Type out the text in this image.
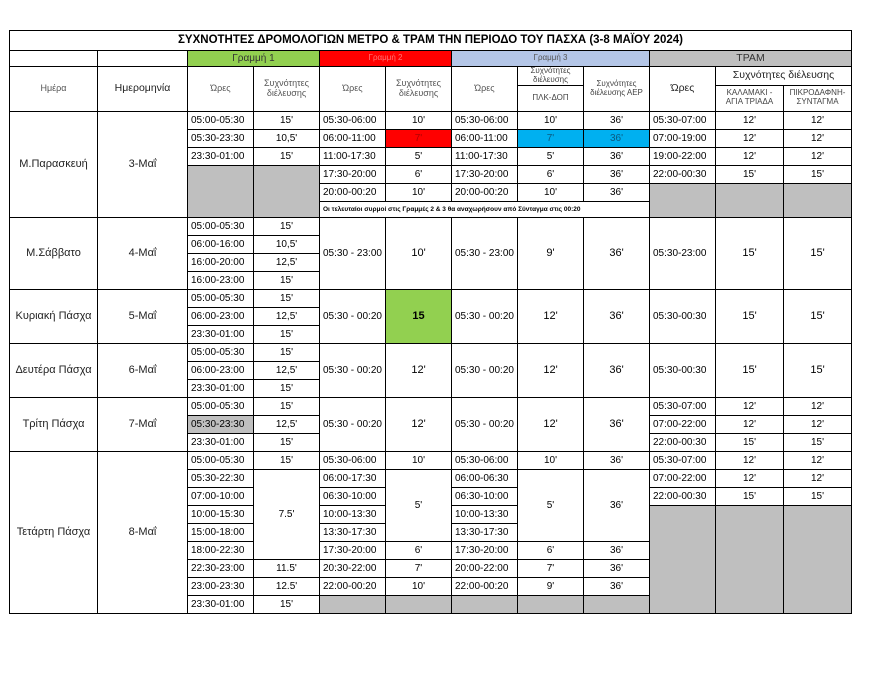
ΣΥΧΝΟΤΗΤΕΣ ΔΡΟΜΟΛΟΓΙΩΝ ΜΕΤΡΟ & ΤΡΑΜ ΤΗΝ ΠΕΡΙΟΔΟ ΤΟΥ ΠΑΣΧΑ (3-8 ΜΑΪΟΥ 2024)											
		Γραμμή 1		Γραμμή 2		Γραμμή 3			ΤΡΑΜ		
Ημέρα	Ημερομηνία	Ώρες	Συχνότητες διέλευσης	Ώρες	Συχνότητες διέλευσης	Ώρες	Συχνότητες διέλευσης	Συχνότητες διέλευσης ΑΕΡ	Ώρες	Συχνότητες διέλευσης	
							ΠΛΚ-ΔΟΠ			ΚΑΛΑΜΑΚΙ - ΑΓΙΑ ΤΡΙΑΔΑ	ΠΙΚΡΟΔΑΦΝΗ-ΣΥΝΤΑΓΜΑ
Μ.Παρασκευή	3-Μαΐ	05:00-05:30	15'	05:30-06:00	10'	05:30-06:00	10'	36'	05:30-07:00	12'	12'
		05:30-23:30	10,5'	06:00-11:00	7'	06:00-11:00	7'	36'	07:00-19:00	12'	12'
		23:30-01:00	15'	11:00-17:30	5'	11:00-17:30	5'	36'	19:00-22:00	12'	12'
				17:30-20:00	6'	17:30-20:00	6'	36'	22:00-00:30	15'	15'
				20:00-00:20	10'	20:00-00:20	10'	36'			
				Οι τελευταίοι συρμοί στις Γραμμές 2 & 3 θα αναχωρήσουν από Σύνταγμα στις 00:20							
Μ.Σάββατο	4-Μαΐ	05:00-05:30	15'	05:30 - 23:00	10'	05:30 - 23:00	9'	36'	05:30-23:00	15'	15'
		06:00-16:00	10,5'								
		16:00-20:00	12,5'								
		16:00-23:00	15'								
Κυριακή Πάσχα	5-Μαΐ	05:00-05:30	15'	05:30 - 00:20	15	05:30 - 00:20	12'	36'	05:30-00:30	15'	15'
		06:00-23:00	12,5'								
		23:30-01:00	15'								
Δευτέρα Πάσχα	6-Μαΐ	05:00-05:30	15'	05:30 - 00:20	12'	05:30 - 00:20	12'	36'	05:30-00:30	15'	15'
		06:00-23:00	12,5'								
		23:30-01:00	15'								
Τρίτη Πάσχα	7-Μαΐ	05:00-05:30	15'	05:30 - 00:20	12'	05:30 - 00:20	12'	36'	05:30-07:00	12'	12'
		05:30-23:30	12,5'						07:00-22:00	12'	12'
		23:30-01:00	15'						22:00-00:30	15'	15'
Τετάρτη Πάσχα	8-Μαΐ	05:00-05:30	15'	05:30-06:00	10'	05:30-06:00	10'	36'	05:30-07:00	12'	12'
		05:30-22:30	7.5'	06:00-17:30	5'	06:00-06:30	5'	36'	07:00-22:00	12'	12'
		07:00-10:00		06:30-10:00		06:30-10:00			22:00-00:30	15'	15'
		10:00-15:30		10:00-13:30		10:00-13:30					
		15:00-18:00		13:30-17:30		13:30-17:30					
		18:00-22:30		17:30-20:00	6'	17:30-20:00	6'	36'			
		22:30-23:00	11.5'	20:30-22:00	7'	20:00-22:00	7'	36'			
		23:00-23:30	12.5'	22:00-00:20	10'	22:00-00:20	9'	36'			
		23:30-01:00	15'								
